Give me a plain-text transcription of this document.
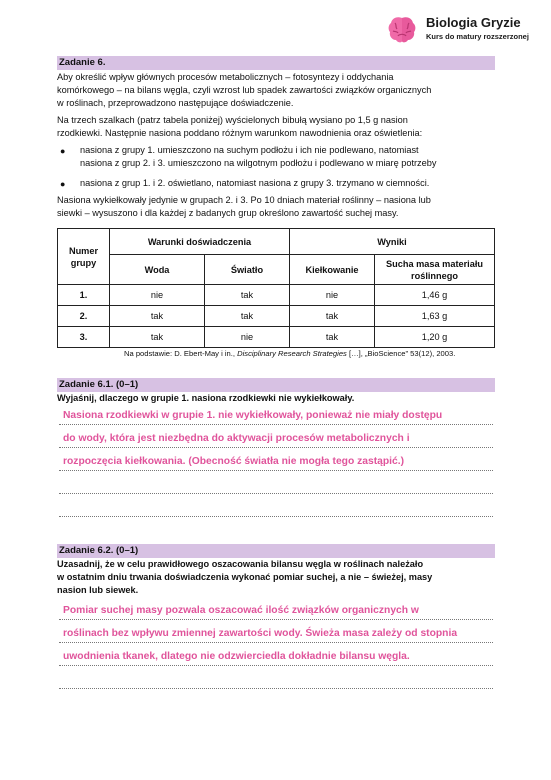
Biologia Gryzie
Kurs do matury rozszerzonej
Zadanie 6.
Aby określić wpływ głównych procesów metabolicznych – fotosyntezy i oddychania
komórkowego – na bilans węgla, czyli wzrost lub spadek zawartości związków organicznych
w roślinach, przeprowadzono następujące doświadczenie.
Na trzech szalkach (patrz tabela poniżej) wyścielonych bibułą wysiano po 1,5 g nasion
rzodkiewki. Następnie nasiona poddano różnym warunkom nawodnienia oraz oświetlenia:
● nasiona z grupy 1. umieszczono na suchym podłożu i ich nie podlewano, natomiast
nasiona z grup 2. i 3. umieszczono na wilgotnym podłożu i podlewano w miarę potrzeby
● nasiona z grup 1. i 2. oświetlano, natomiast nasiona z grupy 3. trzymano w ciemności.
Nasiona wykiełkowały jedynie w grupach 2. i 3. Po 10 dniach materiał roślinny – nasiona lub
siewki – wysuszono i dla każdej z badanych grup określono zawartość suchej masy.
Numer
grupy	Warunki doświadczenia		Wyniki	
	Woda	Światło	Kiełkowanie	Sucha masa materiału
roślinnego
1.	nie	tak	nie	1,46 g
2.	tak	tak	tak	1,63 g
3.	tak	nie	tak	1,20 g
Na podstawie: D. Ebert-May i in., Disciplinary Research Strategies […], „BioScience” 53(12), 2003.
Zadanie 6.1. (0–1)
Wyjaśnij, dlaczego w grupie 1. nasiona rzodkiewki nie wykiełkowały.
Nasiona rzodkiewki w grupie 1. nie wykiełkowały, ponieważ nie miały dostępu
do wody, która jest niezbędna do aktywacji procesów metabolicznych i
rozpoczęcia kiełkowania. (Obecność światła nie mogła tego zastąpić.)
Zadanie 6.2. (0–1)
Uzasadnij, że w celu prawidłowego oszacowania bilansu węgla w roślinach należało
w ostatnim dniu trwania doświadczenia wykonać pomiar suchej, a nie – świeżej, masy
nasion lub siewek.
Pomiar suchej masy pozwala oszacować ilość związków organicznych w
roślinach bez wpływu zmiennej zawartości wody. Świeża masa zależy od stopnia
uwodnienia tkanek, dlatego nie odzwierciedla dokładnie bilansu węgla.
